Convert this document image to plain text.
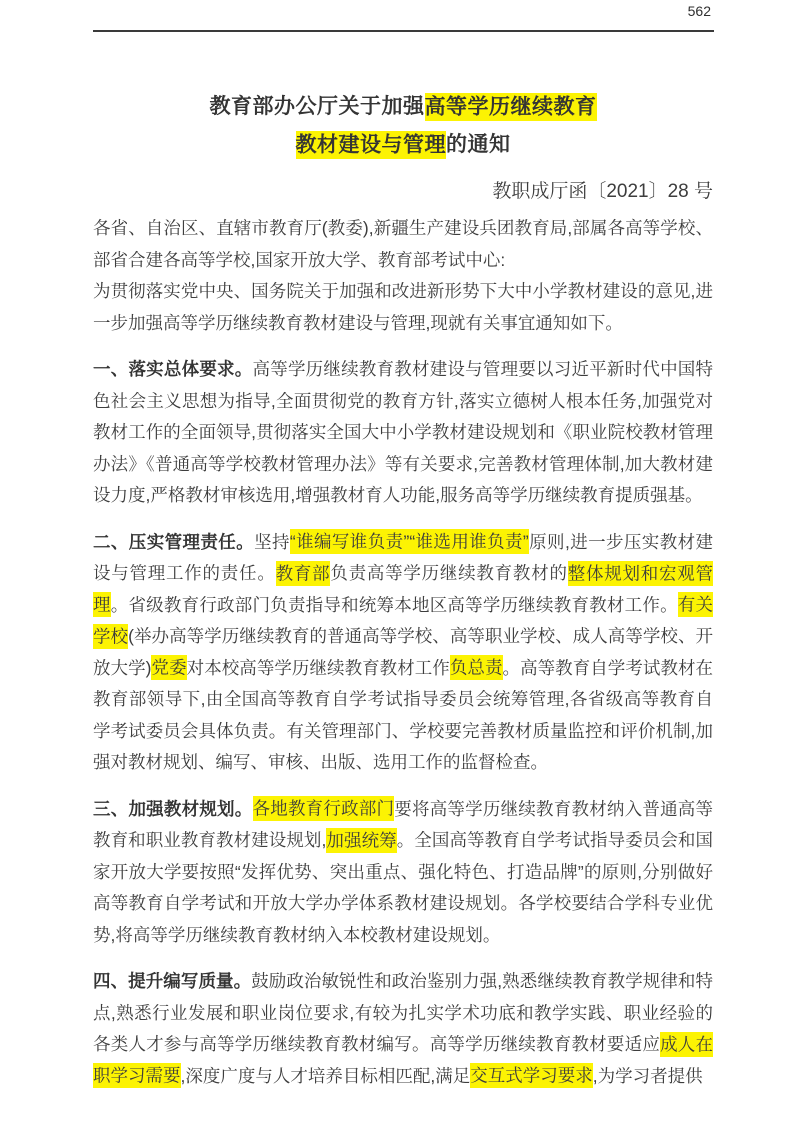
562
教育部办公厅关于加强高等学历继续教育
教材建设与管理的通知
教职成厅函〔2021〕28 号

各省、自治区、直辖市教育厅(教委),新疆生产建设兵团教育局,部属各高等学校、部省合建各高等学校,国家开放大学、教育部考试中心:

为贯彻落实党中央、国务院关于加强和改进新形势下大中小学教材建设的意见,进一步加强高等学历继续教育教材建设与管理,现就有关事宜通知如下。

一、落实总体要求。高等学历继续教育教材建设与管理要以习近平新时代中国特色社会主义思想为指导,全面贯彻党的教育方针,落实立德树人根本任务,加强党对教材工作的全面领导,贯彻落实全国大中小学教材建设规划和《职业院校教材管理办法》《普通高等学校教材管理办法》等有关要求,完善教材管理体制,加大教材建设力度,严格教材审核选用,增强教材育人功能,服务高等学历继续教育提质强基。

二、压实管理责任。坚持“谁编写谁负责”“谁选用谁负责”原则,进一步压实教材建设与管理工作的责任。教育部负责高等学历继续教育教材的整体规划和宏观管理。省级教育行政部门负责指导和统筹本地区高等学历继续教育教材工作。有关学校(举办高等学历继续教育的普通高等学校、高等职业学校、成人高等学校、开放大学)党委对本校高等学历继续教育教材工作负总责。高等教育自学考试教材在教育部领导下,由全国高等教育自学考试指导委员会统筹管理,各省级高等教育自学考试委员会具体负责。有关管理部门、学校要完善教材质量监控和评价机制,加强对教材规划、编写、审核、出版、选用工作的监督检查。

三、加强教材规划。各地教育行政部门要将高等学历继续教育教材纳入普通高等教育和职业教育教材建设规划,加强统筹。全国高等教育自学考试指导委员会和国家开放大学要按照“发挥优势、突出重点、强化特色、打造品牌”的原则,分别做好高等教育自学考试和开放大学办学体系教材建设规划。各学校要结合学科专业优势,将高等学历继续教育教材纳入本校教材建设规划。

四、提升编写质量。鼓励政治敏锐性和政治鉴别力强,熟悉继续教育教学规律和特点,熟悉行业发展和职业岗位要求,有较为扎实学术功底和教学实践、职业经验的各类人才参与高等学历继续教育教材编写。高等学历继续教育教材要适应成人在职学习需要,深度广度与人才培养目标相匹配,满足交互式学习要求,为学习者提供
